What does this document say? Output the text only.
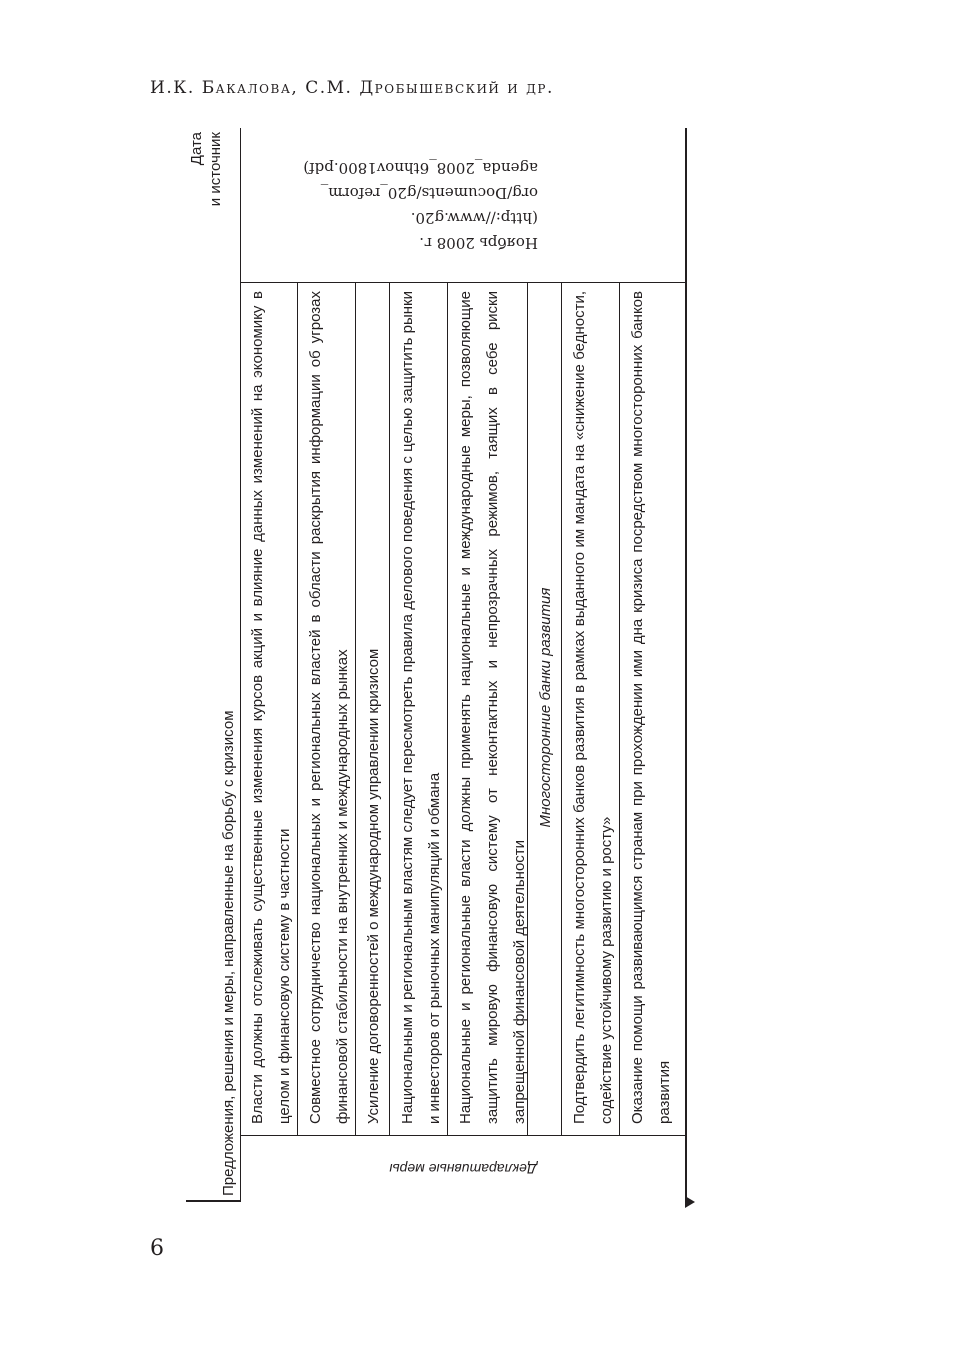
И.К. Бакалова, С.М. Дробышевский и др.
Предложения, решения и меры, направленные на борьбу с кризисом
Дата и источник
Декларативные меры
Власти должны отслеживать существенные изменения курсов акций и влияние данных изменений на экономику в целом и финансовую систему в частности Совместное сотрудничество национальных и региональных властей в области раскрытия информации об угрозах финансовой стабильности на внутренних и международных рынках Усиление договоренностей о международном управлении кризисом	Национальным и региональным властям следует пересмотреть правила делового поведения с целью защитить рынки и инвесторов от рыночных манипуляций и обмана Национальные и региональные власти должны применять национальные и международные меры, позволяющие защитить мировую финансовую систему от неконтактных и непрозрачных режимов, таящих в себе риски запрещенной финансовой деятельности
Многосторонние банки развития	Подтвердить легитимность многосторонних банков развития в рамках выданного им мандата на «снижение бедности, содействие устойчивому развитию и росту» Оказание помощи развивающимся странам при прохождении ими дна кризиса посредством многосторонних банков развития
Ноябрь 2008 г. (http://www.g20.
org/Documents/g20_reform_
agenda_2008_6thnov1800.pdf)
6
